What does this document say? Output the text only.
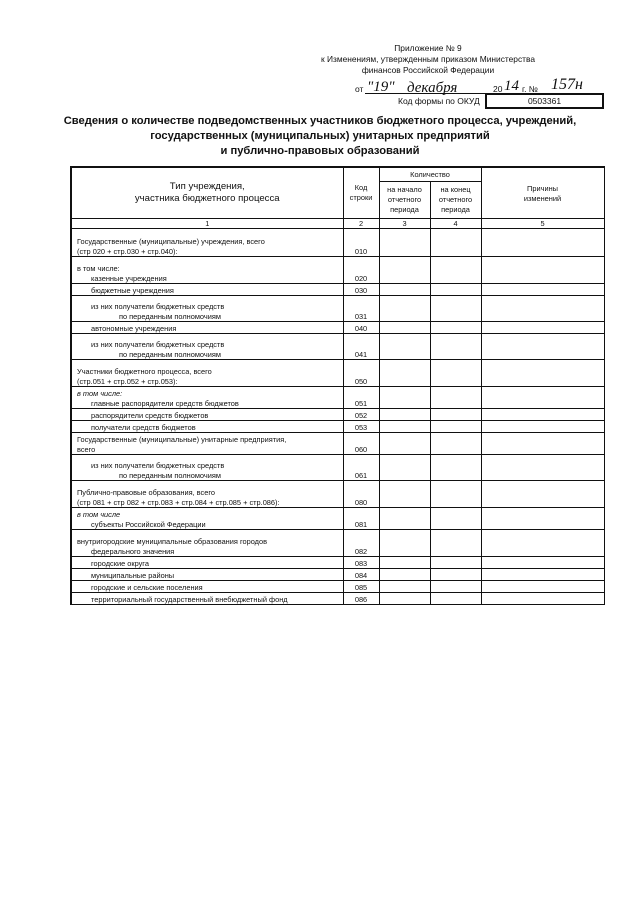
Приложение № 9
к Изменениям, утвержденным приказом Министерства
финансов Российской Федерации
от "19" декабря	20 14 г. № 157н
Код формы по ОКУД	0503361
Сведения о количестве подведомственных участников бюджетного процесса, учреждений,
государственных (муниципальных) унитарных предприятий
и публично-правовых образований
Тип учреждения,
участника бюджетного процесса	Код
строки	Количество		Причины
изменений
		на начало
отчетного
периода	на конец
отчетного
периода	
1	2	3	4	5

Государственные (муниципальные) учреждения, всего
(стр 020 + стр.030 + стр.040):	010			

в том числе:
казенные учреждения	020			

бюджетные учреждения	030			

из них получатели бюджетных средств
по переданным полномочиям	031			

автономные учреждения	040			

из них получатели бюджетных средств
по переданным полномочиям	041			

Участники бюджетного процесса, всего
(стр.051 + стр.052 + стр.053):	050			

в том числе:
главные распорядители средств бюджетов	051			

распорядители средств бюджетов	052			

получатели средств бюджетов	053			

Государственные (муниципальные) унитарные предприятия,
всего	060			

из них получатели бюджетных средств
по переданным полномочиям	061			

Публично-правовые образования, всего
(стр 081 + стр 082 + стр.083 + стр.084 + стр.085 + стр.086):	080			

в том числе
субъекты Российской Федерации	081			

внутригородские муниципальные образования городов
федерального значения	082			

городские округа	083			

муниципальные районы	084			

городские и сельские поселения	085			

территориальный государственный внебюджетный фонд	086			
